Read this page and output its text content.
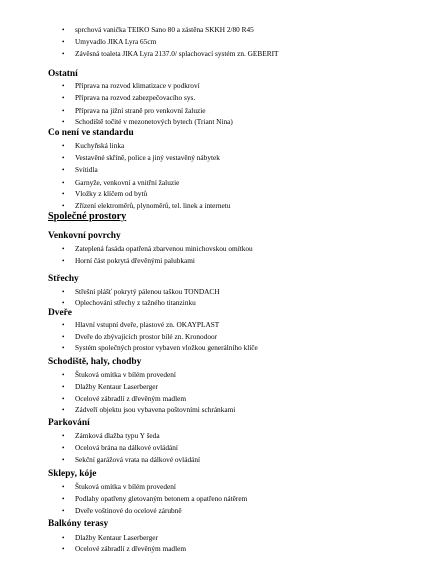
•sprchová vanička TEIKO Sano 80 a zástěna SKKH 2/80 R45
•Umyvadlo JIKA Lyra 65cm
•Závěsná toaleta JIKA Lyra 2137.0/ splachovací systém zn. GEBERIT
Ostatní
•Příprava na rozvod klimatizace v podkroví
•Příprava na rozvod zabezpečovacího sys.
•Příprava na jižní straně pro venkovní žaluzie
•Schodiště točité v mezonetových bytech (Triant Nina)
Co není ve standardu
•Kuchyňská linka
•Vestavěné skříně, police a jiný vestavěný nábytek
•Svítidla
•Garnyže, venkovní a vnitřní žaluzie
•Vložky z klíčem od bytů
•Zřízení elektroměrů, plynoměrů, tel. linek a internetu
Společné prostory
Venkovní povrchy
•Zateplená fasáda opatřená zbarvenou minichovskou omítkou
•Horní část pokrytá dřevěnými palubkami
Střechy
•Střešní plášť pokrytý pálenou taškou TONDACH
•Oplechování střechy z tažného titanzinku
Dveře
•Hlavní vstupní dveře, plastové zn. OKAYPLAST
•Dveře do zbývajících prostor bílé zn. Kronodoor
•Systém společných prostor vybaven vložkou generálního klíče
Schodiště, haly, chodby
•Štuková omítka v bílém provedení
•Dlažby Kentaur Laserberger
•Ocelové zábradlí z dřevěným madlem
•Zádveří objektu jsou vybavena poštovními schránkami
Parkování
•Zámková dlažba typu Y šeda
•Ocelová brána na dálkové ovládání
•Sekční garážová vrata na dálkové ovládání
Sklepy, kóje
•Štuková omítka v bílém provedení
•Podlahy opatřeny gletovaným betonem a opatřeno nátěrem
•Dveře voštinové do ocelové zárubně
Balkóny terasy
•Dlažby Kentaur Laserberger
•Ocelové zábradlí z dřevěným madlem
